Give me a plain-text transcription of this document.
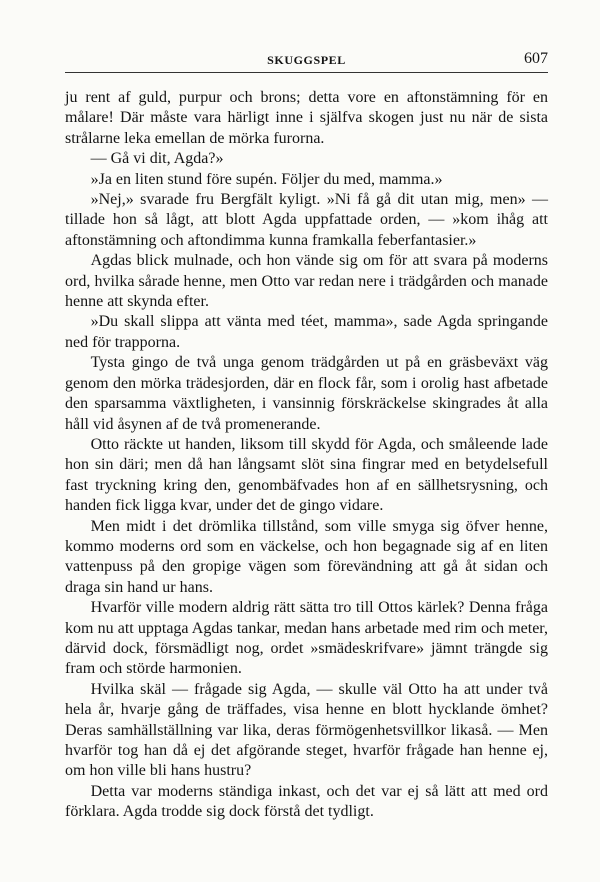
SKUGGSPEL	607

ju rent af guld, purpur och brons; detta vore en aftonstämning för en målare! Där måste vara härligt inne i själfva skogen just nu när de sista strålarne leka emellan de mörka furorna.

— Gå vi dit, Agda?»

»Ja en liten stund före supén. Följer du med, mamma.»

»Nej,» svarade fru Bergfält kyligt. »Ni få gå dit utan mig, men» — tillade hon så lågt, att blott Agda uppfattade orden, — »kom ihåg att aftonstämning och aftondimma kunna framkalla feberfantasier.»

Agdas blick mulnade, och hon vände sig om för att svara på moderns ord, hvilka sårade henne, men Otto var redan nere i trädgården och manade henne att skynda efter.

»Du skall slippa att vänta med téet, mamma», sade Agda springande ned för trapporna.

Tysta gingo de två unga genom trädgården ut på en gräsbeväxt väg genom den mörka trädesjorden, där en flock får, som i orolig hast afbetade den sparsamma växtligheten, i vansinnig förskräckelse skingrades åt alla håll vid åsynen af de två promenerande.

Otto räckte ut handen, liksom till skydd för Agda, och småleende lade hon sin däri; men då han långsamt slöt sina fingrar med en betydelsefull fast tryckning kring den, genombäfvades hon af en sällhetsrysning, och handen fick ligga kvar, under det de gingo vidare.

Men midt i det drömlika tillstånd, som ville smyga sig öfver henne, kommo moderns ord som en väckelse, och hon begagnade sig af en liten vattenpuss på den gropige vägen som förevändning att gå åt sidan och draga sin hand ur hans.

Hvarför ville modern aldrig rätt sätta tro till Ottos kärlek? Denna fråga kom nu att upptaga Agdas tankar, medan hans arbetade med rim och meter, därvid dock, försmädligt nog, ordet »smädeskrifvare» jämnt trängde sig fram och störde harmonien.

Hvilka skäl — frågade sig Agda, — skulle väl Otto ha att under två hela år, hvarje gång de träffades, visa henne en blott hycklande ömhet? Deras samhällställning var lika, deras förmögenhetsvillkor likaså. — Men hvarför tog han då ej det afgörande steget, hvarför frågade han henne ej, om hon ville bli hans hustru?

Detta var moderns ständiga inkast, och det var ej så lätt att med ord förklara. Agda trodde sig dock förstå det tydligt.
